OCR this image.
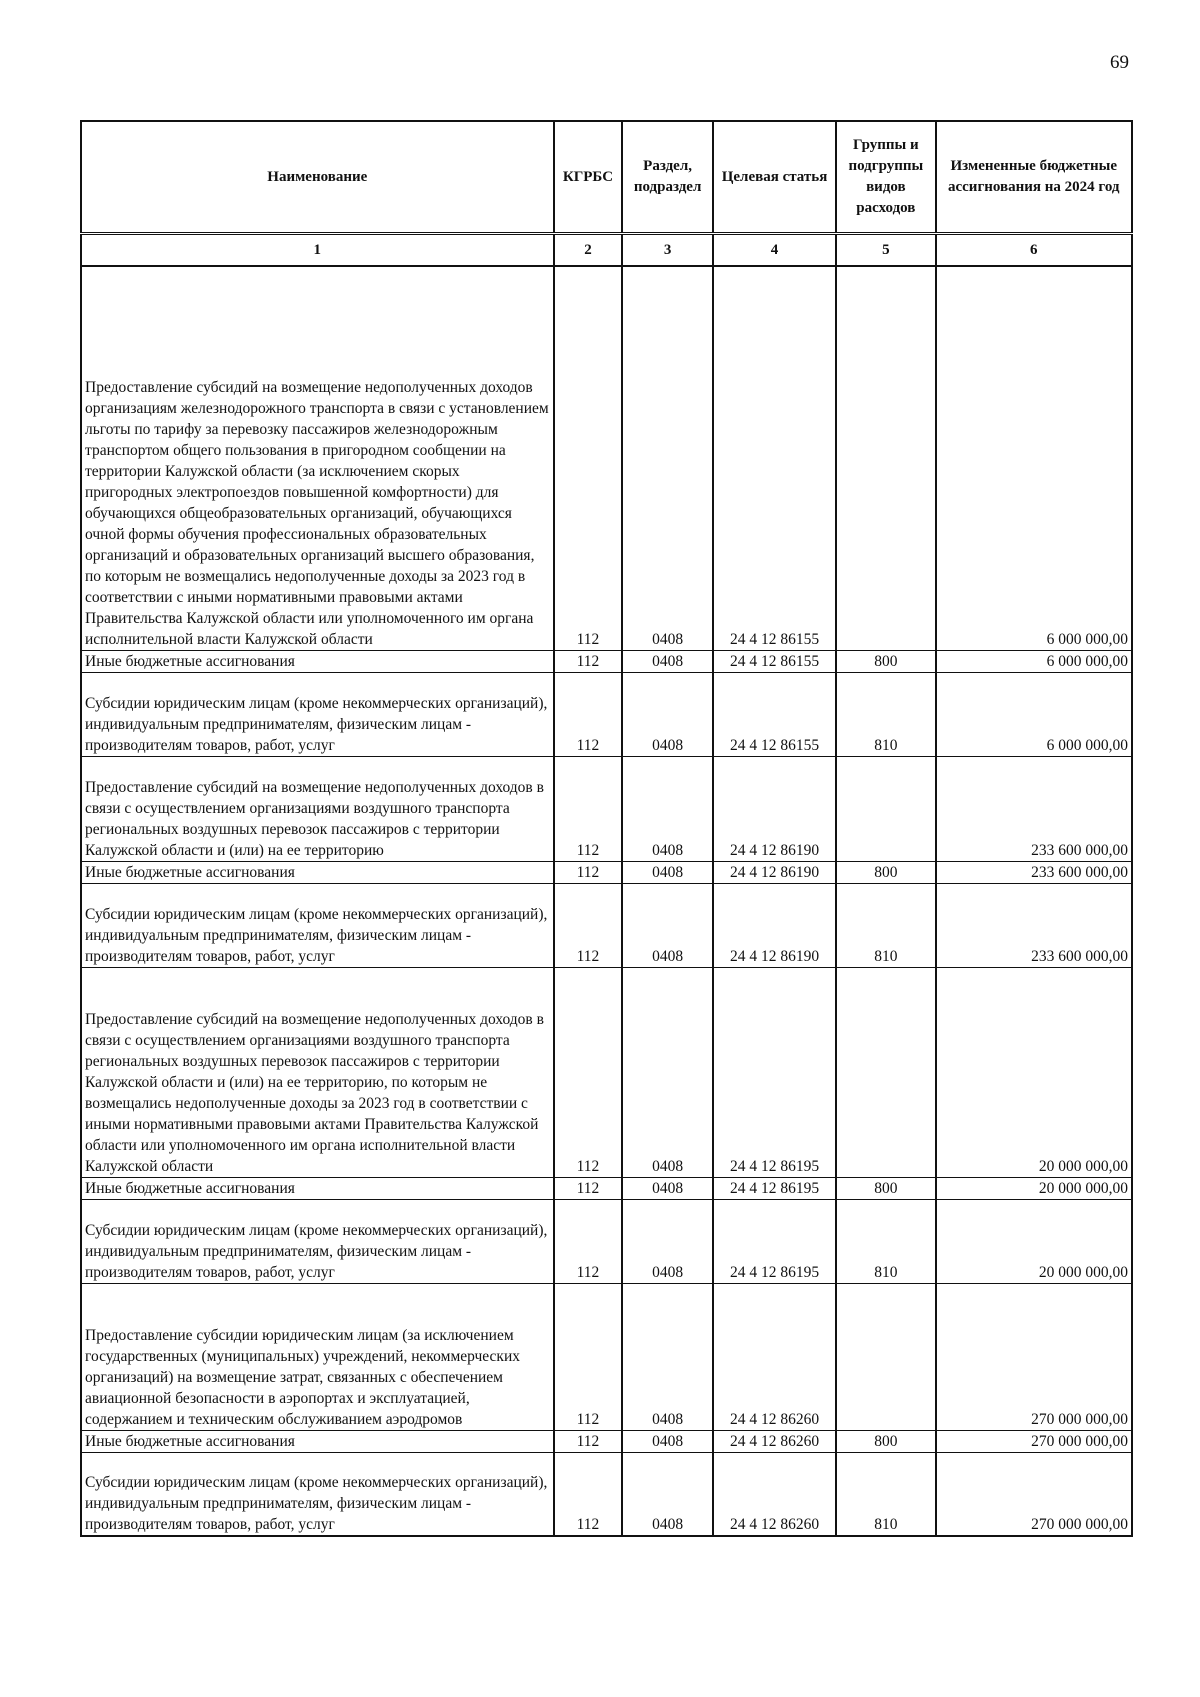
69
Наименование	КГРБС	Раздел, подраздел	Целевая статья	Группы и подгруппы видов расходов	Измененные бюджетные ассигнования на 2024 год
1	2	3	4	5	6
Предоставление субсидий на возмещение недополученных доходов организациям железнодорожного транспорта в связи с установлением льготы по тарифу за перевозку пассажиров железнодорожным транспортом общего пользования в пригородном сообщении на территории Калужской области (за исключением скорых пригородных электропоездов повышенной комфортности) для обучающихся общеобразовательных организаций, обучающихся очной формы обучения профессиональных образовательных организаций и образовательных организаций высшего образования, по которым не возмещались недополученные доходы за 2023 год в соответствии с иными нормативными правовыми актами Правительства Калужской области или уполномоченного им органа исполнительной власти Калужской области	112	0408	24 4 12 86155		6 000 000,00
Иные бюджетные ассигнования	112	0408	24 4 12 86155	800	6 000 000,00
Субсидии юридическим лицам (кроме некоммерческих организаций), индивидуальным предпринимателям, физическим лицам - производителям товаров, работ, услуг	112	0408	24 4 12 86155	810	6 000 000,00
Предоставление субсидий на возмещение недополученных доходов в связи с осуществлением организациями воздушного транспорта региональных воздушных перевозок пассажиров с территории Калужской области и (или) на ее территорию	112	0408	24 4 12 86190		233 600 000,00
Иные бюджетные ассигнования	112	0408	24 4 12 86190	800	233 600 000,00
Субсидии юридическим лицам (кроме некоммерческих организаций), индивидуальным предпринимателям, физическим лицам - производителям товаров, работ, услуг	112	0408	24 4 12 86190	810	233 600 000,00
Предоставление субсидий на возмещение недополученных доходов в связи с осуществлением организациями воздушного транспорта региональных воздушных перевозок пассажиров с территории Калужской области и (или) на ее территорию, по которым не возмещались недополученные доходы за 2023 год в соответствии с иными нормативными правовыми актами Правительства Калужской области или уполномоченного им органа исполнительной власти Калужской области	112	0408	24 4 12 86195		20 000 000,00
Иные бюджетные ассигнования	112	0408	24 4 12 86195	800	20 000 000,00
Субсидии юридическим лицам (кроме некоммерческих организаций), индивидуальным предпринимателям, физическим лицам - производителям товаров, работ, услуг	112	0408	24 4 12 86195	810	20 000 000,00
Предоставление субсидии юридическим лицам (за исключением государственных (муниципальных) учреждений, некоммерческих организаций) на возмещение затрат, связанных с обеспечением авиационной безопасности в аэропортах и эксплуатацией, содержанием и техническим обслуживанием аэродромов	112	0408	24 4 12 86260		270 000 000,00
Иные бюджетные ассигнования	112	0408	24 4 12 86260	800	270 000 000,00
Субсидии юридическим лицам (кроме некоммерческих организаций), индивидуальным предпринимателям, физическим лицам - производителям товаров, работ, услуг	112	0408	24 4 12 86260	810	270 000 000,00
